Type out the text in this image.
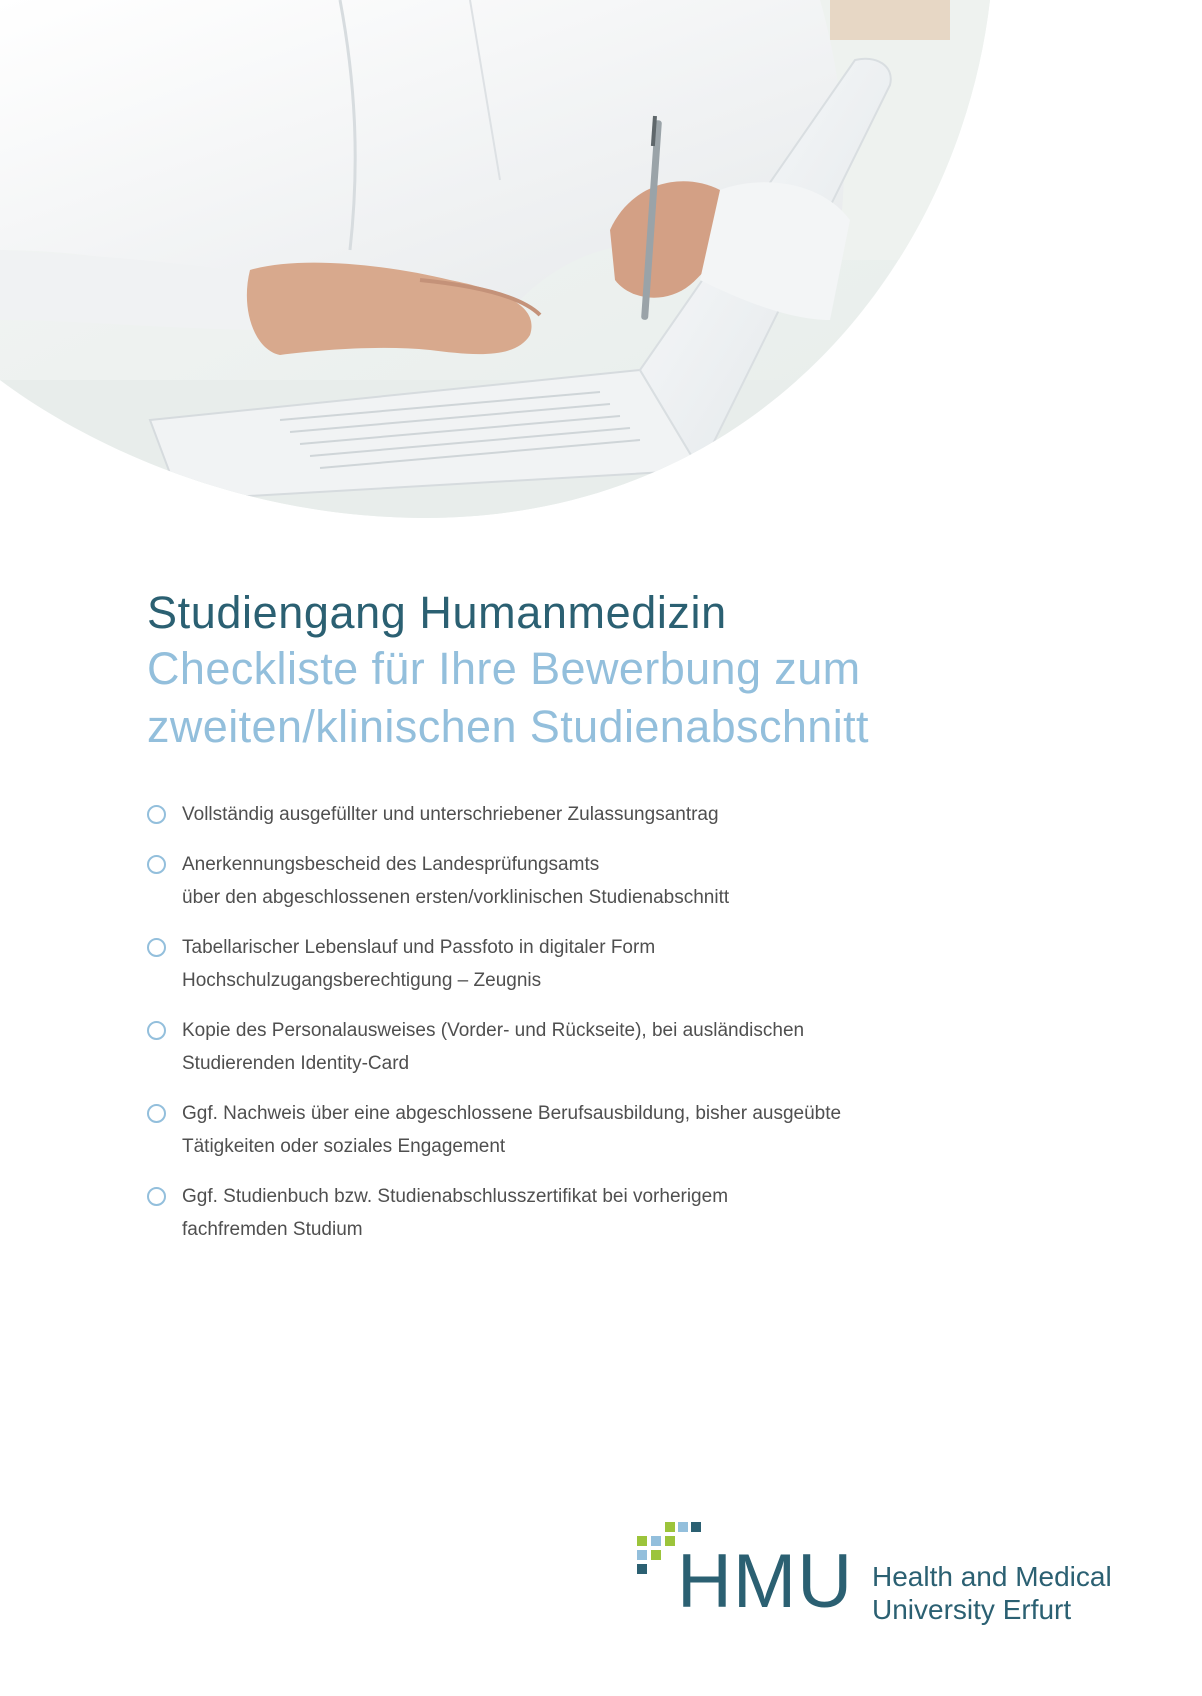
Studiengang Humanmedizin
Checkliste für Ihre Bewerbung zum
zweiten/klinischen Studienabschnitt
Vollständig ausgefüllter und unterschriebener Zulassungsantrag
Anerkennungsbescheid des Landesprüfungsamts
über den abgeschlossenen ersten/vorklinischen Studienabschnitt
Tabellarischer Lebenslauf und Passfoto in digitaler Form
Hochschulzugangsberechtigung – Zeugnis
Kopie des Personalausweises (Vorder- und Rückseite), bei ausländischen
Studierenden Identity-Card
Ggf. Nachweis über eine abgeschlossene Berufsausbildung, bisher ausgeübte
Tätigkeiten oder soziales Engagement
Ggf. Studienbuch bzw. Studienabschlusszertifikat bei vorherigem
fachfremden Studium
HMU Health and Medical
University Erfurt
